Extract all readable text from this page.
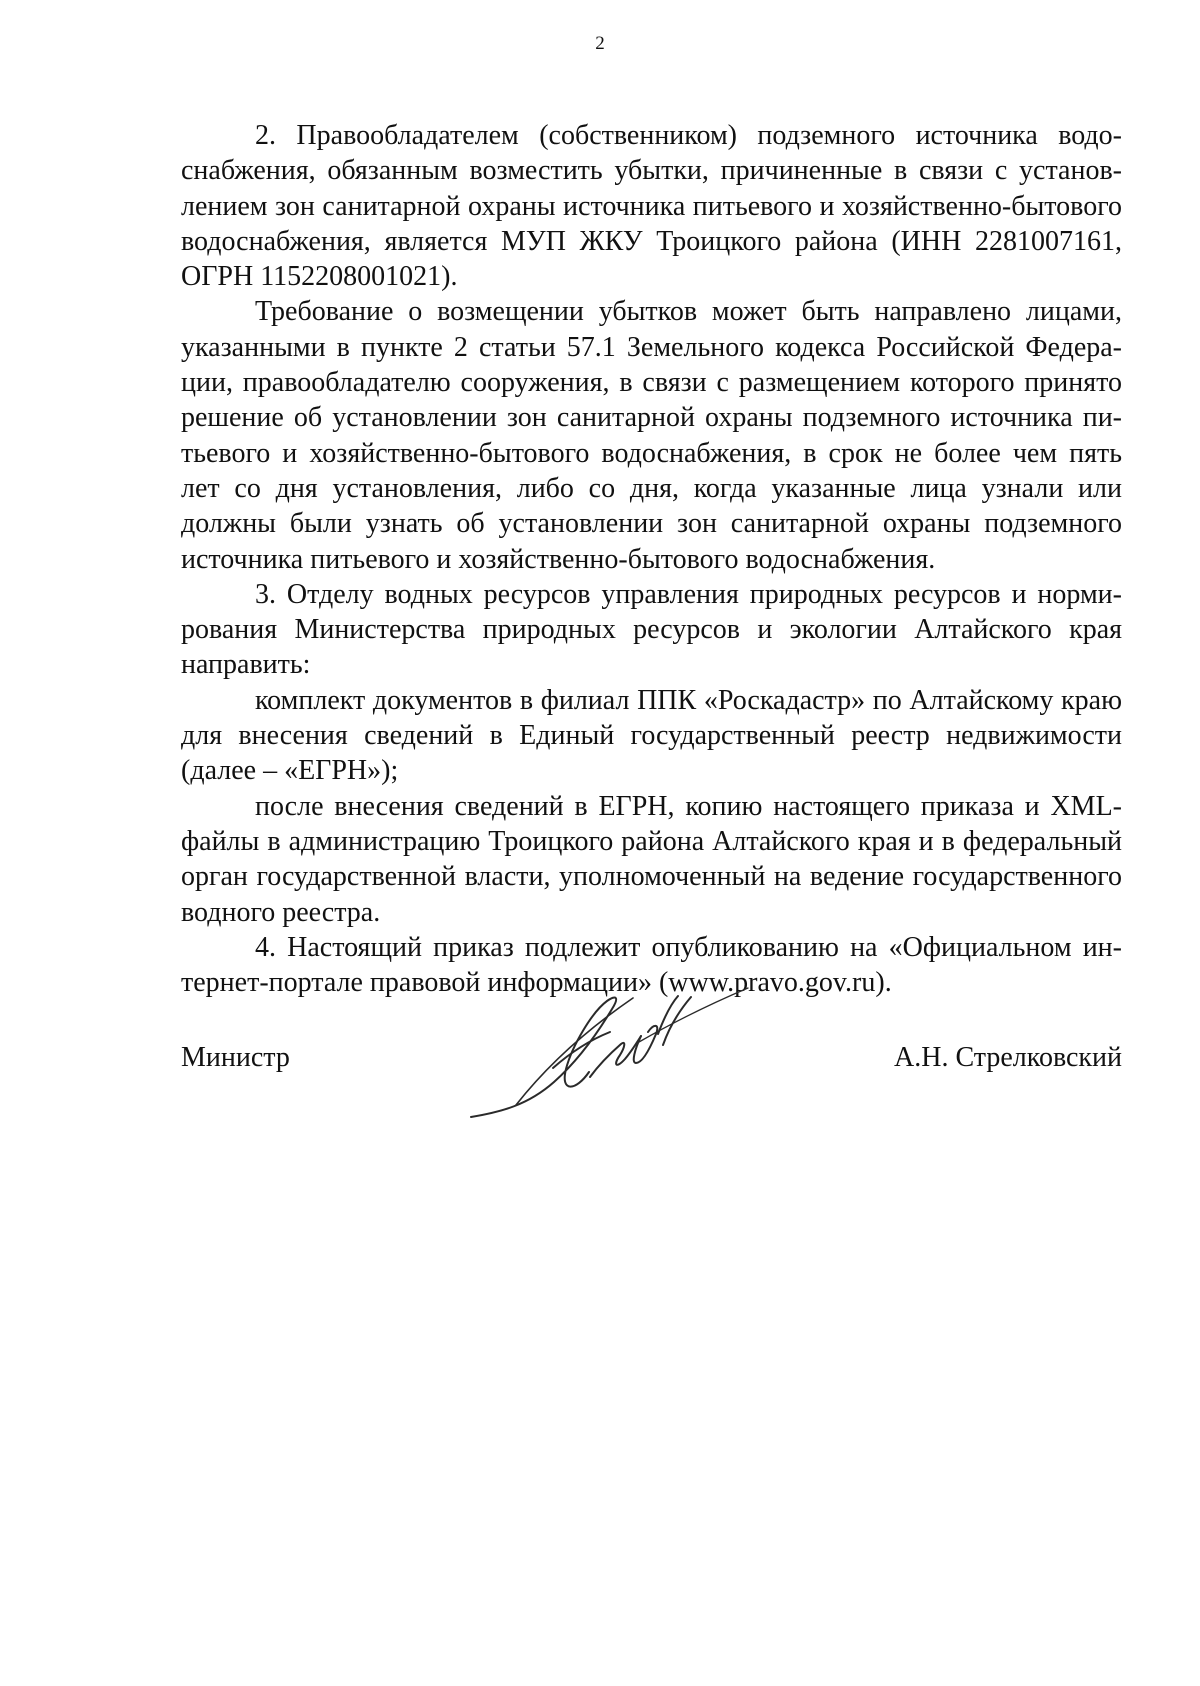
2

2. Правообладателем (собственником) подземного источника водоснабжения, обязанным возместить убытки, причиненные в связи с установлением зон санитарной охраны источника питьевого и хозяйственно-бытового водоснабжения, является МУП ЖКУ Троицкого района (ИНН 2281007161, ОГРН 1152208001021).

Требование о возмещении убытков может быть направлено лицами, указанными в пункте 2 статьи 57.1 Земельного кодекса Российской Федерации, правообладателю сооружения, в связи с размещением которого принято решение об установлении зон санитарной охраны подземного источника питьевого и хозяйственно-бытового водоснабжения, в срок не более чем пять лет со дня установления, либо со дня, когда указанные лица узнали или должны были узнать об установлении зон санитарной охраны подземного источника питьевого и хозяйственно-бытового водоснабжения.

3. Отделу водных ресурсов управления природных ресурсов и нормирования Министерства природных ресурсов и экологии Алтайского края направить:

комплект документов в филиал ППК «Роскадастр» по Алтайскому краю для внесения сведений в Единый государственный реестр недвижимости (далее – «ЕГРН»);

после внесения сведений в ЕГРН, копию настоящего приказа и XML-файлы в администрацию Троицкого района Алтайского края и в федеральный орган государственной власти, уполномоченный на ведение государственного водного реестра.

4. Настоящий приказ подлежит опубликованию на «Официальном интернет-портале правовой информации» (www.pravo.gov.ru).

Министр	А.Н. Стрелковский
